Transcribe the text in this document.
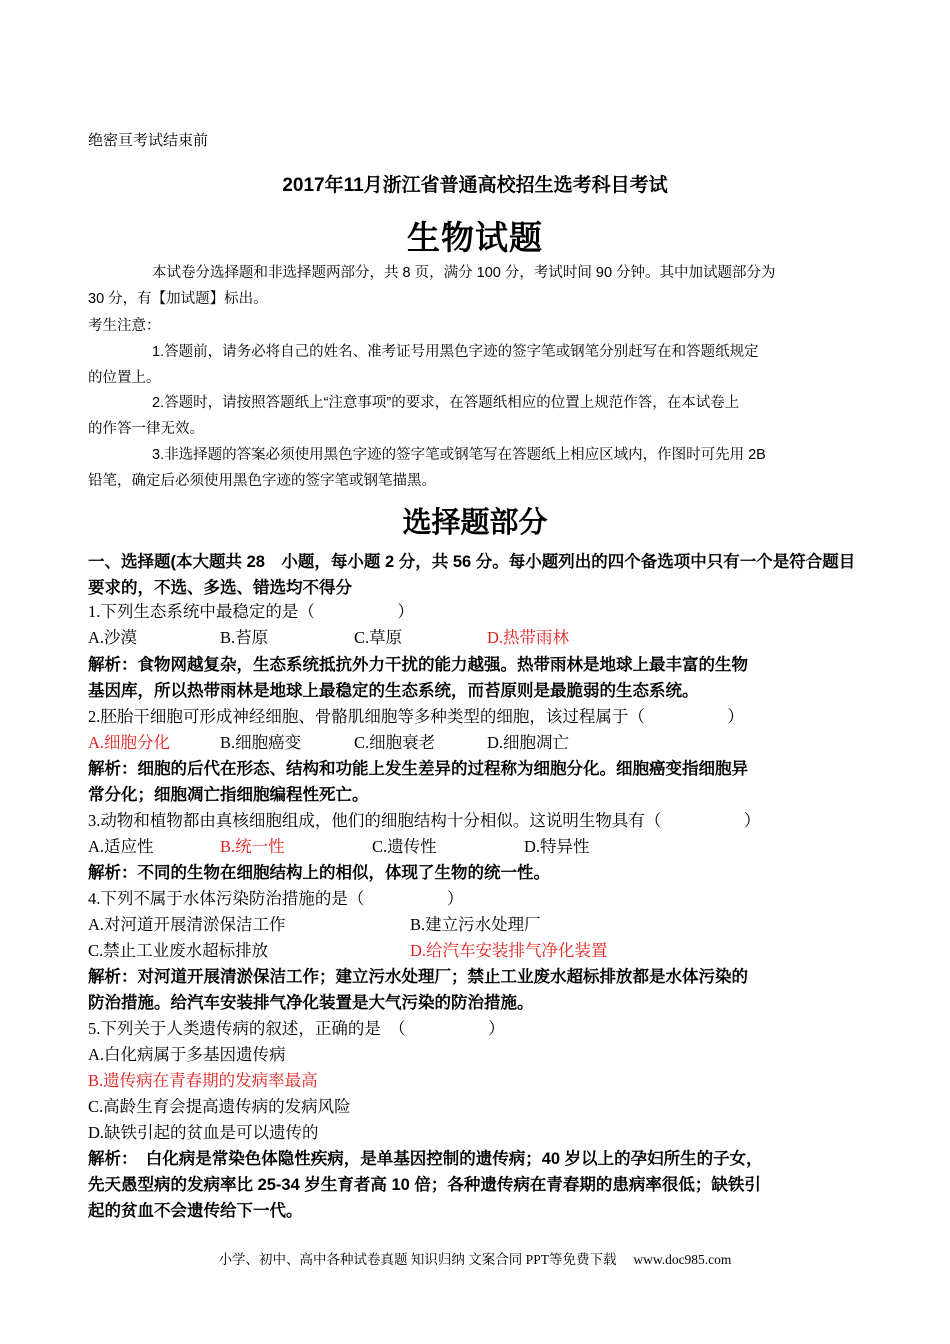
绝密亘考试结束前
2017年11月浙江省普通高校招生选考科目考试
生物试题
本试卷分选择题和非选择题两部分，共 8 页，满分 100 分，考试时间 90 分钟。其中加试题部分为
30 分，有【加试题】标出。
考生注意：
1.答题前，请务必将自己的姓名、准考证号用黑色字迹的签字笔或钢笔分别赶写在和答题纸规定
的位置上。
2.答题时，请按照答题纸上“注意事项”的要求，在答题纸相应的位置上规范作答，在本试卷上
的作答一律无效。
3.非选择题的答案必须使用黑色字迹的签字笔或钢笔写在答题纸上相应区域内，作图时可先用 2B
铅笔，确定后必须使用黑色字迹的签字笔或钢笔描黑。
选择题部分
一、选择题(本大题共 28　小题，每小题 2 分，共 56 分。每小题列出的四个备选项中只有一个是符合题目
要求的，不选、多选、错选均不得分
1.下列生态系统中最稳定的是（　　　　　）
A.沙漠	B.苔原	C.草原	D.热带雨林
解析：食物网越复杂，生态系统抵抗外力干扰的能力越强。热带雨林是地球上最丰富的生物
基因库，所以热带雨林是地球上最稳定的生态系统，而苔原则是最脆弱的生态系统。
2.胚胎干细胞可形成神经细胞、骨骼肌细胞等多种类型的细胞，该过程属于（　　　　　）
A.细胞分化	B.细胞癌变	C.细胞衰老	D.细胞凋亡
解析：细胞的后代在形态、结构和功能上发生差异的过程称为细胞分化。细胞癌变指细胞异
常分化；细胞凋亡指细胞编程性死亡。
3.动物和植物都由真核细胞组成，他们的细胞结构十分相似。这说明生物具有（　　　　　）
A.适应性	B.统一性	C.遗传性	D.特异性
解析：不同的生物在细胞结构上的相似，体现了生物的统一性。
4.下列不属于水体污染防治措施的是（　　　　　）
A.对河道开展清淤保洁工作	B.建立污水处理厂
C.禁止工业废水超标排放	D.给汽车安装排气净化装置
解析：对河道开展清淤保洁工作；建立污水处理厂；禁止工业废水超标排放都是水体污染的
防治措施。给汽车安装排气净化装置是大气污染的防治措施。
5.下列关于人类遗传病的叙述，正确的是　（　　　　　）
A.白化病属于多基因遗传病
B.遗传病在青春期的发病率最高
C.高龄生育会提高遗传病的发病风险
D.缺铁引起的贫血是可以遗传的
解析：　白化病是常染色体隐性疾病，是单基因控制的遗传病；40 岁以上的孕妇所生的子女，
先天愚型病的发病率比 25-34 岁生育者高 10 倍；各种遗传病在青春期的患病率很低；缺铁引
起的贫血不会遗传给下一代。
小学、初中、高中各种试卷真题 知识归纳 文案合同 PPT等免费下载　 www.doc985.com
